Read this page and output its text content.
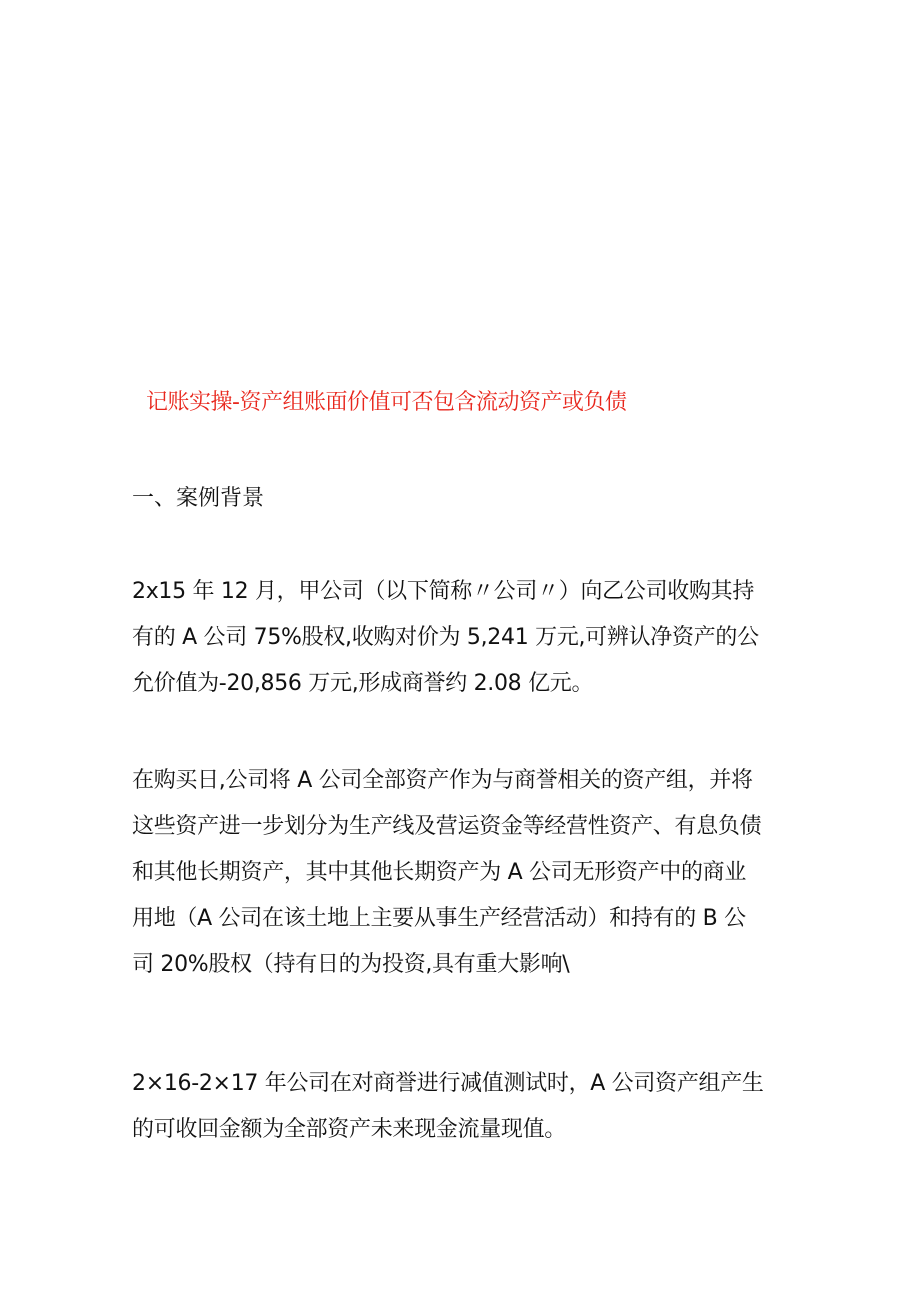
记账实操-资产组账面价值可否包含流动资产或负债
一、案例背景
2x15 年 12 月，甲公司（以下简称〃公司〃）向乙公司收购其持
有的 A 公司 75%股权,收购对价为 5,241 万元,可辨认净资产的公
允价值为-20,856 万元,形成商誉约 2.08 亿元。
在购买日,公司将 A 公司全部资产作为与商誉相关的资产组，并将
这些资产进一步划分为生产线及营运资金等经营性资产、有息负债
和其他长期资产，其中其他长期资产为 A 公司无形资产中的商业
用地（A 公司在该土地上主要从事生产经营活动）和持有的 B 公
司 20%股权（持有日的为投资,具有重大影响\
2×16-2×17 年公司在对商誉进行减值测试时，A 公司资产组产生
的可收回金额为全部资产未来现金流量现值。
